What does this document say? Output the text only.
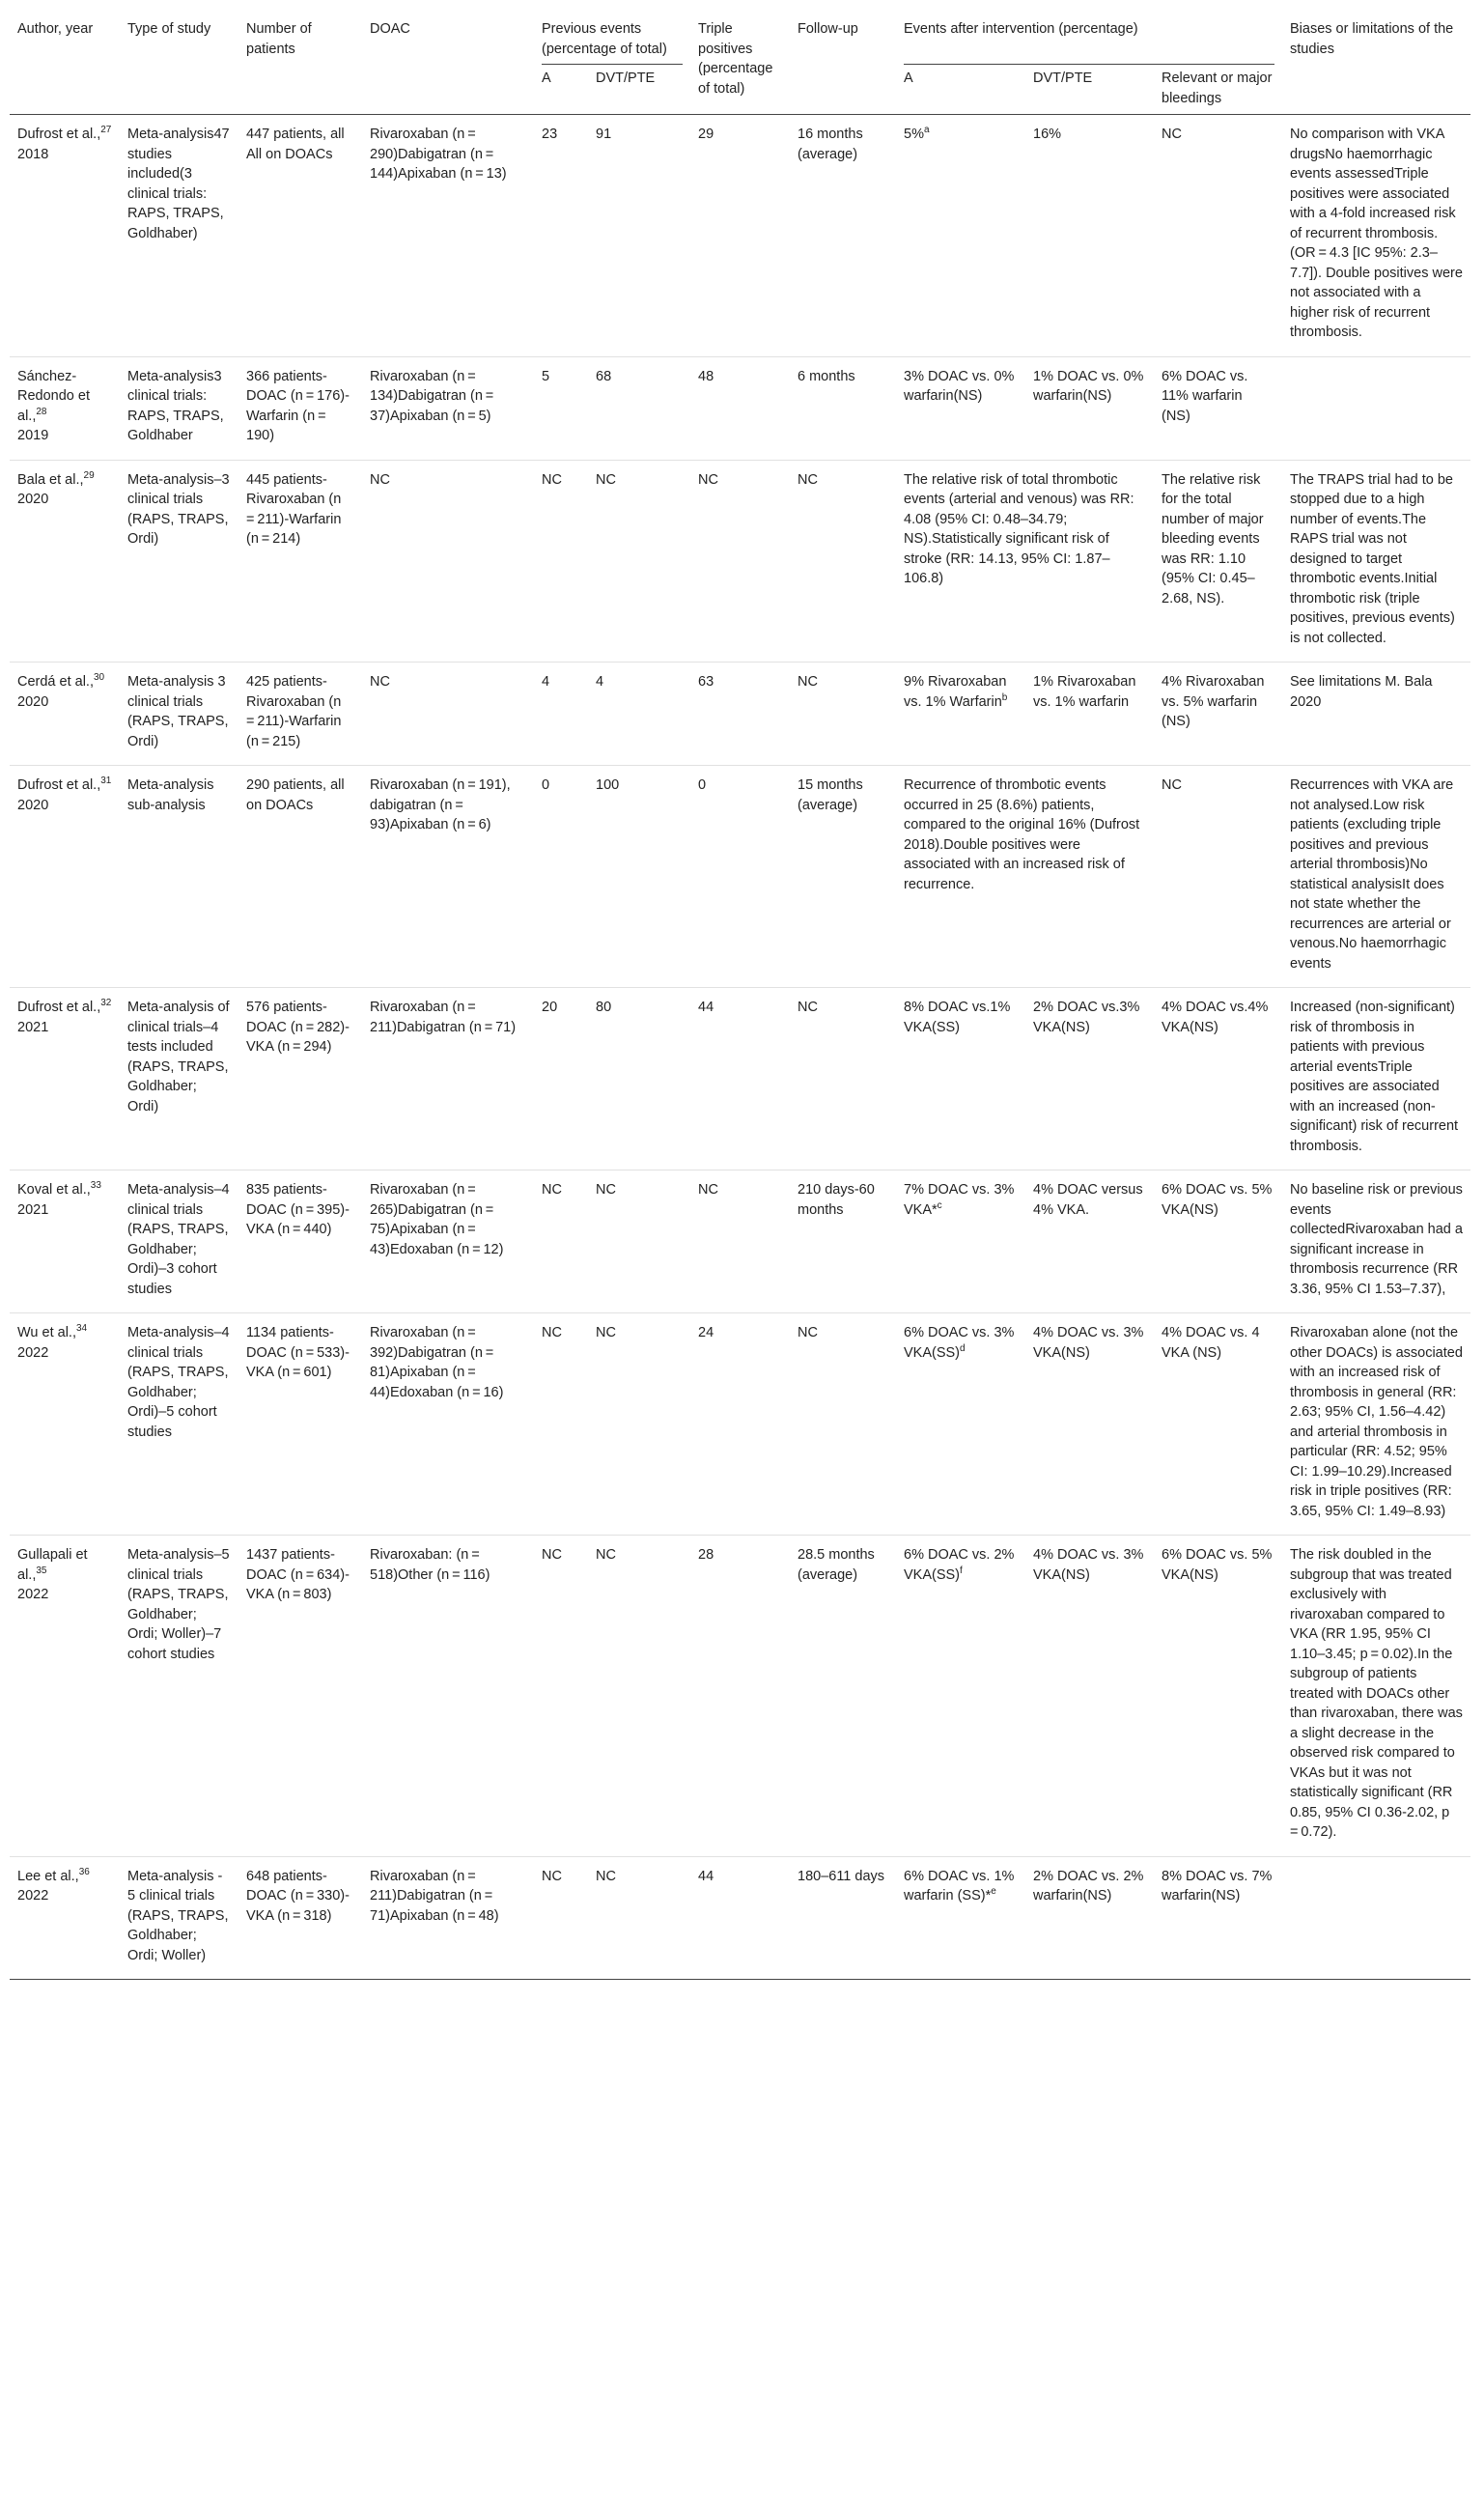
Author, year	Type of study	Number of patients	DOAC	Previous events (percentage of total)		Triple positives (percentage of total)	Follow-up	Events after intervention (percentage)			Biases or limitations of the studies
				A	DVT/PTE			A	DVT/PTE	Relevant or major bleedings	
Dufrost et al.,$^{27}$
2018	Meta-analysis47 studies included(3 clinical trials: RAPS, TRAPS, Goldhaber)	447 patients, all All on DOACs	Rivaroxaban (n = 290)Dabigatran (n = 144)Apixaban (n = 13)	23	91	29	16 months (average)	5%$^a$	16%	NC	No comparison with VKA drugsNo haemorrhagic events assessedTriple positives were associated with a 4-fold increased risk of recurrent thrombosis. (OR = 4.3 [IC 95%: 2.3–7.7]). Double positives were not associated with a higher risk of recurrent thrombosis.
Sánchez-Redondo et al.,$^{28}$
2019	Meta-analysis3 clinical trials: RAPS, TRAPS, Goldhaber	366 patients-DOAC (n = 176)-Warfarin (n = 190)	Rivaroxaban (n = 134)Dabigatran (n = 37)Apixaban (n = 5)	5	68	48	6 months	3% DOAC vs. 0% warfarin(NS)	1% DOAC vs. 0% warfarin(NS)	6% DOAC vs. 11% warfarin (NS)	
Bala et al.,$^{29}$
2020	Meta-analysis–3 clinical trials (RAPS, TRAPS, Ordi)	445 patients-Rivaroxaban (n = 211)-Warfarin (n = 214)	NC	NC	NC	NC	NC	The relative risk of total thrombotic events (arterial and venous) was RR: 4.08 (95% CI: 0.48–34.79; NS).Statistically significant risk of stroke (RR: 14.13, 95% CI: 1.87–106.8)		The relative risk for the total number of major bleeding events was RR: 1.10 (95% CI: 0.45–2.68, NS).	The TRAPS trial had to be stopped due to a high number of events.The RAPS trial was not designed to target thrombotic events.Initial thrombotic risk (triple positives, previous events) is not collected.
Cerdá et al.,$^{30}$
2020	Meta-analysis 3 clinical trials (RAPS, TRAPS, Ordi)	425 patients-Rivaroxaban (n = 211)-Warfarin (n = 215)	NC	4	4	63	NC	9% Rivaroxaban vs. 1% Warfarin$^b$	1% Rivaroxaban vs. 1% warfarin	4% Rivaroxaban vs. 5% warfarin (NS)	See limitations M. Bala 2020
Dufrost et al.,$^{31}$
2020	Meta-analysis sub-analysis	290 patients, all on DOACs	Rivaroxaban (n = 191), dabigatran (n = 93)Apixaban (n = 6)	0	100	0	15 months (average)	Recurrence of thrombotic events occurred in 25 (8.6%) patients, compared to the original 16% (Dufrost 2018).Double positives were associated with an increased risk of recurrence.		NC	Recurrences with VKA are not analysed.Low risk patients (excluding triple positives and previous arterial thrombosis)No statistical analysisIt does not state whether the recurrences are arterial or venous.No haemorrhagic events
Dufrost et al.,$^{32}$
2021	Meta-analysis of clinical trials–4 tests included (RAPS, TRAPS, Goldhaber; Ordi)	576 patients-DOAC (n = 282)-VKA (n = 294)	Rivaroxaban (n = 211)Dabigatran (n = 71)	20	80	44	NC	8% DOAC vs.1% VKA(SS)	2% DOAC vs.3% VKA(NS)	4% DOAC vs.4% VKA(NS)	Increased (non-significant) risk of thrombosis in patients with previous arterial eventsTriple positives are associated with an increased (non-significant) risk of recurrent thrombosis.
Koval et al.,$^{33}$
2021	Meta-analysis–4 clinical trials (RAPS, TRAPS, Goldhaber; Ordi)–3 cohort studies	835 patients-DOAC (n = 395)-VKA (n = 440)	Rivaroxaban (n = 265)Dabigatran (n = 75)Apixaban (n = 43)Edoxaban (n = 12)	NC	NC	NC	210 days-60 months	7% DOAC vs. 3% VKA*$^c$	4% DOAC versus 4% VKA.	6% DOAC vs. 5% VKA(NS)	No baseline risk or previous events collectedRivaroxaban had a significant increase in thrombosis recurrence (RR 3.36, 95% CI 1.53–7.37),
Wu et al.,$^{34}$
2022	Meta-analysis–4 clinical trials (RAPS, TRAPS, Goldhaber; Ordi)–5 cohort studies	1134 patients-DOAC (n = 533)-VKA (n = 601)	Rivaroxaban (n = 392)Dabigatran (n = 81)Apixaban (n = 44)Edoxaban (n = 16)	NC	NC	24	NC	6% DOAC vs. 3% VKA(SS)$^d$	4% DOAC vs. 3% VKA(NS)	4% DOAC vs. 4 VKA (NS)	Rivaroxaban alone (not the other DOACs) is associated with an increased risk of thrombosis in general (RR: 2.63; 95% CI, 1.56–4.42) and arterial thrombosis in particular (RR: 4.52; 95% CI: 1.99–10.29).Increased risk in triple positives (RR: 3.65, 95% CI: 1.49–8.93)
Gullapali et al.,$^{35}$
2022	Meta-analysis–5 clinical trials (RAPS, TRAPS, Goldhaber; Ordi; Woller)–7 cohort studies	1437 patients-DOAC (n = 634)-VKA (n = 803)	Rivaroxaban: (n = 518)Other (n = 116)	NC	NC	28	28.5 months (average)	6% DOAC vs. 2% VKA(SS)$^f$	4% DOAC vs. 3% VKA(NS)	6% DOAC vs. 5% VKA(NS)	The risk doubled in the subgroup that was treated exclusively with rivaroxaban compared to VKA (RR 1.95, 95% CI 1.10–3.45; p = 0.02).In the subgroup of patients treated with DOACs other than rivaroxaban, there was a slight decrease in the observed risk compared to VKAs but it was not statistically significant (RR 0.85, 95% CI 0.36-2.02, p = 0.72).
Lee et al.,$^{36}$
2022	Meta-analysis - 5 clinical trials (RAPS, TRAPS, Goldhaber; Ordi; Woller)	648 patients-DOAC (n = 330)-VKA (n = 318)	Rivaroxaban (n = 211)Dabigatran (n = 71)Apixaban (n = 48)	NC	NC	44	180–611 days	6% DOAC vs. 1% warfarin (SS)*$^e$	2% DOAC vs. 2% warfarin(NS)	8% DOAC vs. 7% warfarin(NS)	
